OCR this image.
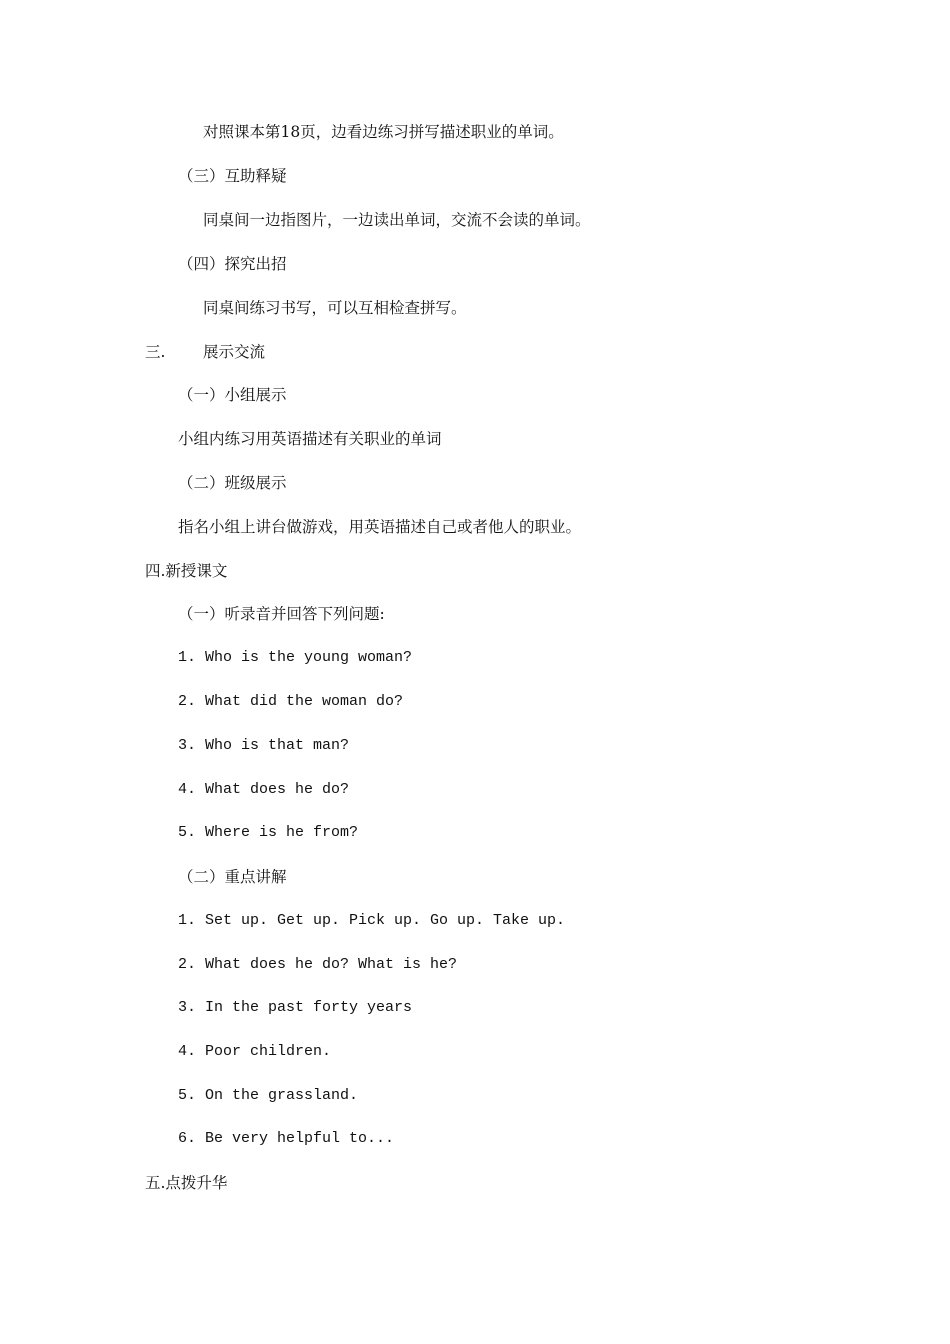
对照课本第18页，边看边练习拼写描述职业的单词。
（三）互助释疑
同桌间一边指图片，一边读出单词，交流不会读的单词。
（四）探究出招
同桌间练习书写，可以互相检查拼写。
三. 展示交流
（一）小组展示
小组内练习用英语描述有关职业的单词
（二）班级展示
指名小组上讲台做游戏，用英语描述自己或者他人的职业。
四.新授课文
（一）听录音并回答下列问题:
1. Who is the young woman?
2. What did the woman do?
3. Who is that man?
4. What does he do?
5. Where is he from?
（二）重点讲解
1. Set up. Get up. Pick up. Go up. Take up.
2. What does he do? What is he?
3. In the past forty years
4. Poor children.
5. On the grassland.
6. Be very helpful to...
五.点拨升华
